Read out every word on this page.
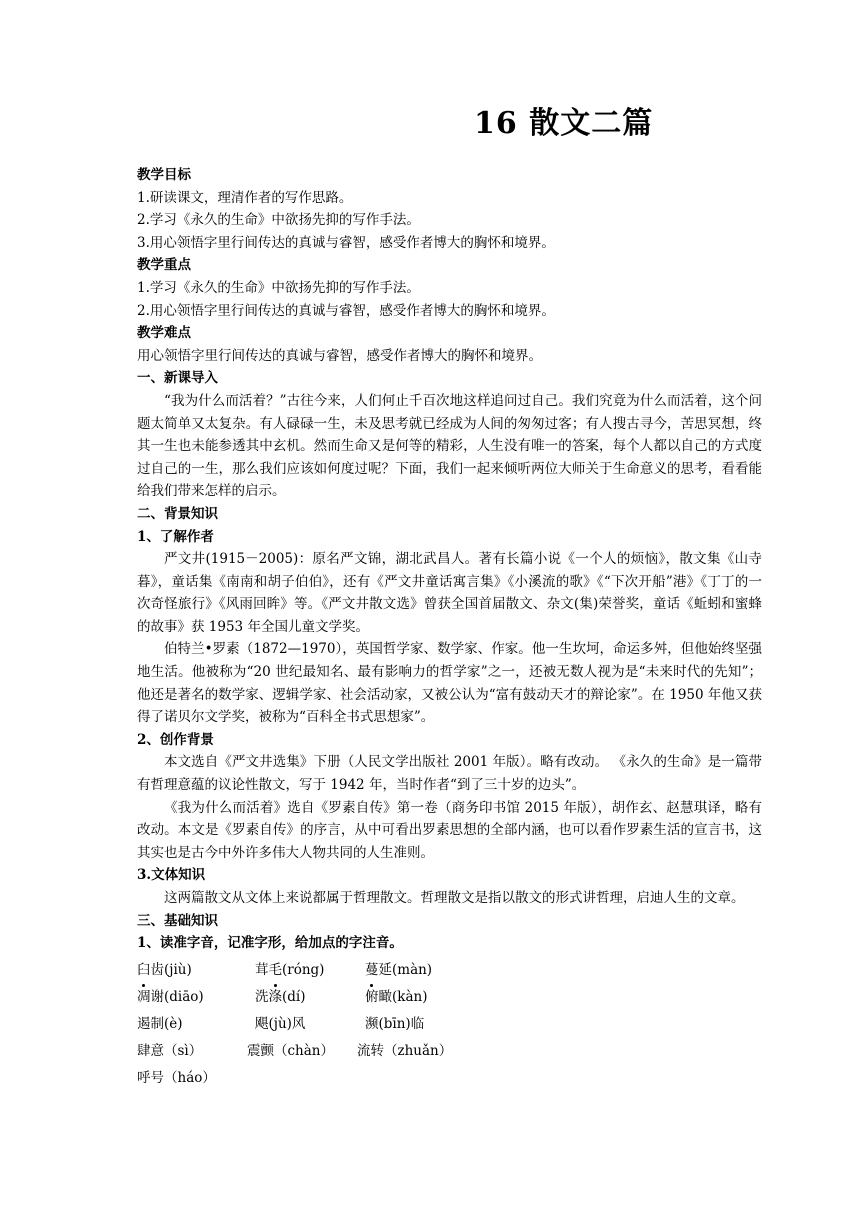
16 散文二篇
教学目标
1.研读课文，理清作者的写作思路。
2.学习《永久的生命》中欲扬先抑的写作手法。
3.用心领悟字里行间传达的真诚与睿智，感受作者博大的胸怀和境界。
教学重点
1.学习《永久的生命》中欲扬先抑的写作手法。
2.用心领悟字里行间传达的真诚与睿智，感受作者博大的胸怀和境界。
教学难点
用心领悟字里行间传达的真诚与睿智，感受作者博大的胸怀和境界。
一、新课导入
“我为什么而活着？”古往今来，人们何止千百次地这样追问过自己。我们究竟为什么而活着，这个问题太简单又太复杂。有人碌碌一生，未及思考就已经成为人间的匆匆过客；有人搜古寻今，苦思冥想，终其一生也未能参透其中玄机。然而生命又是何等的精彩，人生没有唯一的答案，每个人都以自己的方式度过自己的一生，那么我们应该如何度过呢？下面，我们一起来倾听两位大师关于生命意义的思考，看看能给我们带来怎样的启示。
二、背景知识
1、了解作者
严文井(1915－2005)：原名严文锦，湖北武昌人。著有长篇小说《一个人的烦恼》，散文集《山寺暮》，童话集《南南和胡子伯伯》，还有《严文井童话寓言集》《小溪流的歌》《“下次开船”港》《丁丁的一次奇怪旅行》《风雨回眸》等。《严文井散文选》曾获全国首届散文、杂文(集)荣誉奖，童话《蚯蚓和蜜蜂的故事》获 1953 年全国儿童文学奖。
伯特兰•罗素（1872—1970），英国哲学家、数学家、作家。他一生坎坷，命运多舛，但他始终坚强地生活。他被称为“20 世纪最知名、最有影响力的哲学家”之一，还被无数人视为是“未来时代的先知”；他还是著名的数学家、逻辑学家、社会活动家，又被公认为“富有鼓动天才的辩论家”。在 1950 年他又获得了诺贝尔文学奖，被称为“百科全书式思想家”。
2、创作背景
本文选自《严文井选集》下册（人民文学出版社 2001 年版）。略有改动。 《永久的生命》是一篇带有哲理意蕴的议论性散文，写于 1942 年，当时作者“到了三十岁的边头”。
《我为什么而活着》选自《罗素自传》第一卷（商务印书馆 2015 年版），胡作玄、赵慧琪译，略有改动。本文是《罗素自传》的序言，从中可看出罗素思想的全部内涵，也可以看作罗素生活的宣言书，这其实也是古今中外许多伟大人物共同的人生准则。
3.文体知识
这两篇散文从文体上来说都属于哲理散文。哲理散文是指以散文的形式讲哲理，启迪人生的文章。
三、基础知识
1、读准字音，记准字形，给加点的字注音。
臼齿(jiù)	茸毛(róng)	蔓延(màn)
凋谢(diāo)	洗涤(dí)	俯瞰(kàn)
遏制(è)	飓(jù)风	濒(bīn)临
肆意（sì）	震颤（chàn）	流转（zhuǎn）
呼号（háo）
